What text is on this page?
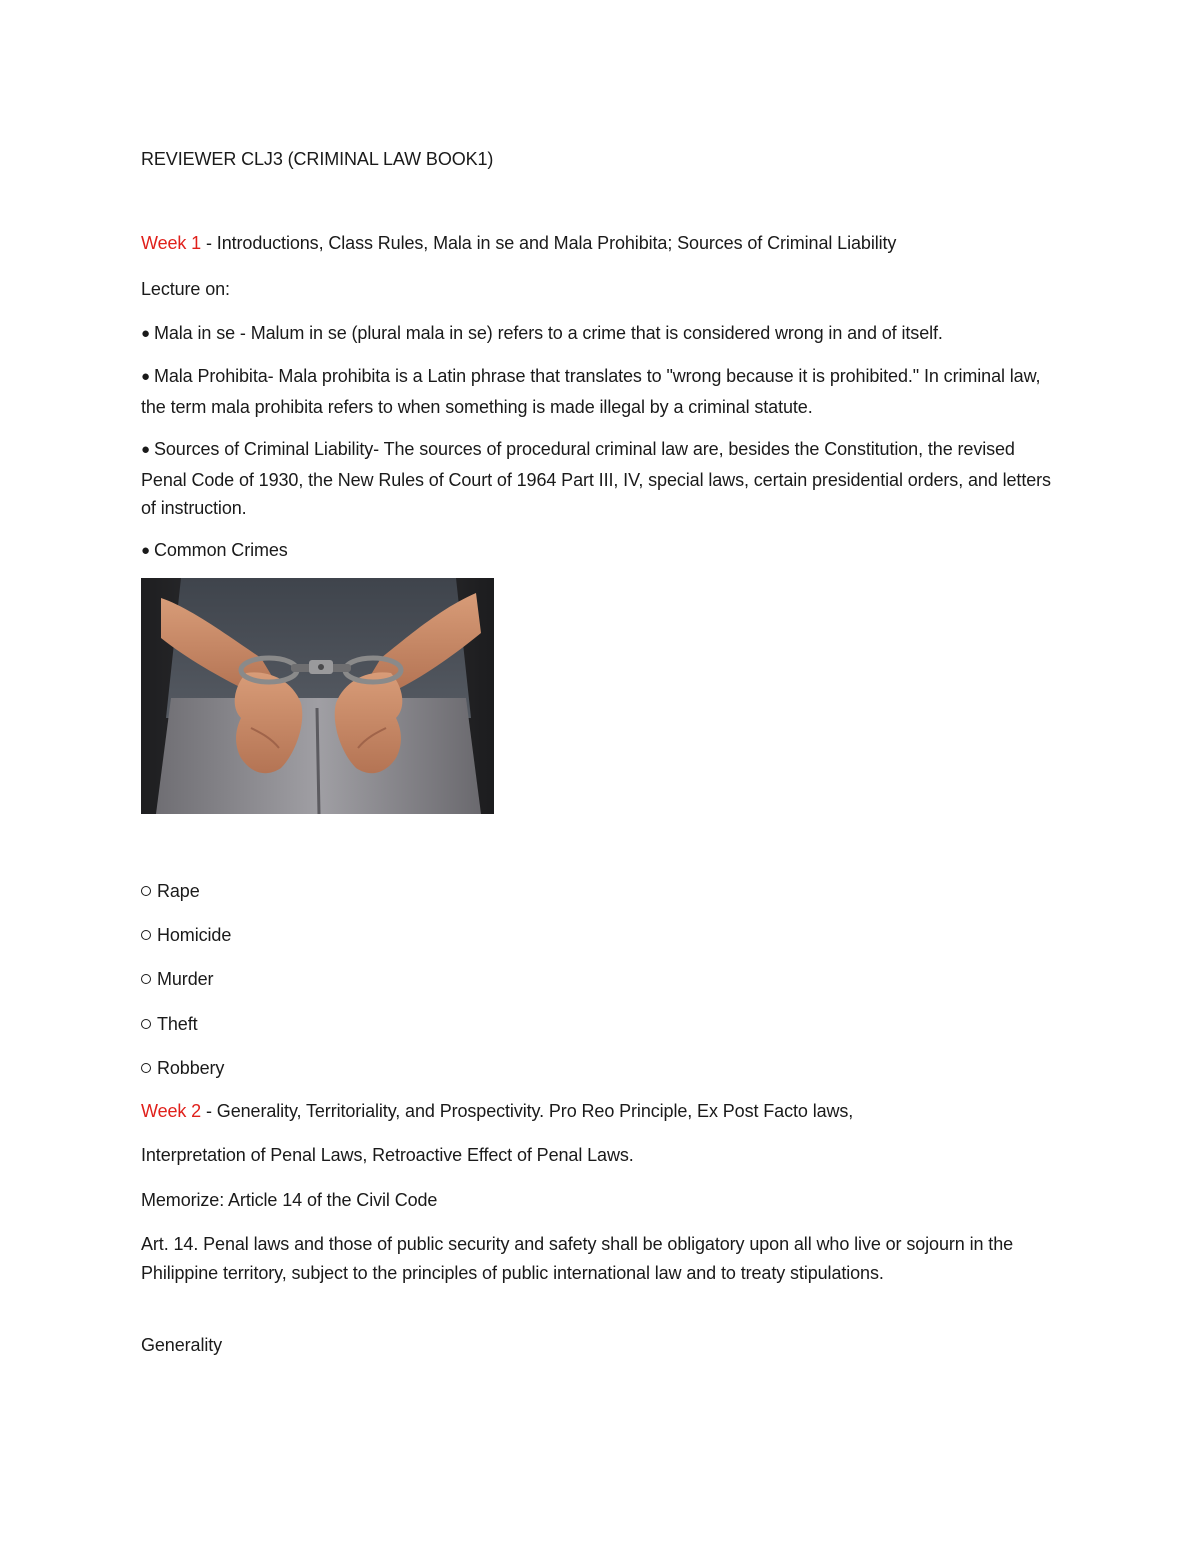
REVIEWER CLJ3 (CRIMINAL LAW BOOK1)
Week 1 - Introductions, Class Rules, Mala in se and Mala Prohibita; Sources of Criminal Liability
Lecture on:
● Mala in se - Malum in se (plural mala in se) refers to a crime that is considered wrong in and of itself.
● Mala Prohibita- Mala prohibita is a Latin phrase that translates to "wrong because it is prohibited." In criminal law, the term mala prohibita refers to when something is made illegal by a criminal statute.
● Sources of Criminal Liability- The sources of procedural criminal law are, besides the Constitution, the revised Penal Code of 1930, the New Rules of Court of 1964 Part III, IV, special laws, certain presidential orders, and letters of instruction.
● Common Crimes
Rape
Homicide
Murder
Theft
Robbery
Week 2 - Generality, Territoriality, and Prospectivity. Pro Reo Principle, Ex Post Facto laws,
Interpretation of Penal Laws, Retroactive Effect of Penal Laws.
Memorize: Article 14 of the Civil Code
Art. 14. Penal laws and those of public security and safety shall be obligatory upon all who live or sojourn in the Philippine territory, subject to the principles of public international law and to treaty stipulations.
Generality
